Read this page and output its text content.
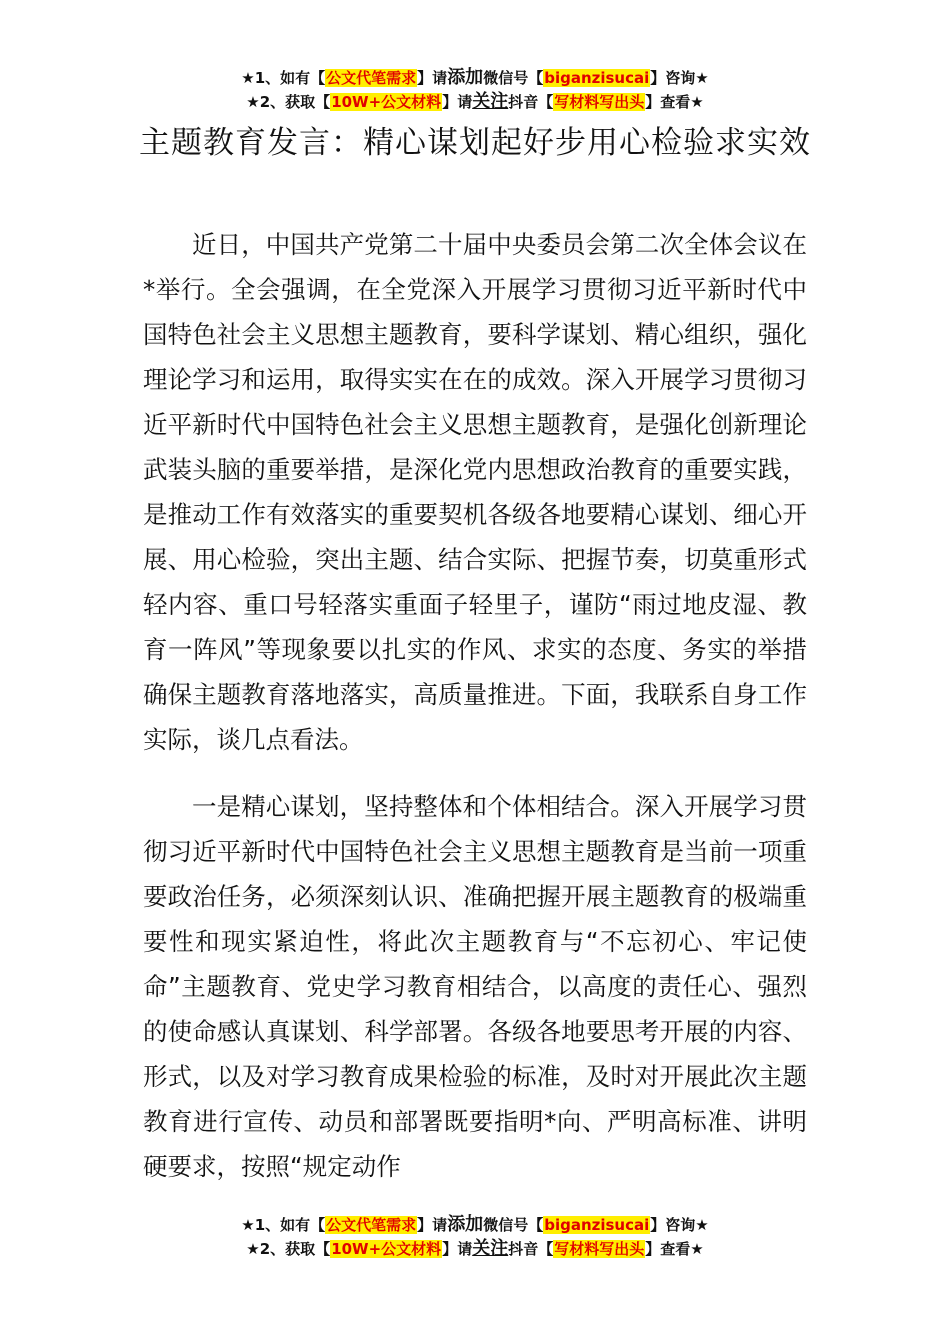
★1、如有【公文代笔需求】请添加微信号【biganzisucai】咨询★
★2、获取【10W+公文材料】请关注抖音【写材料写出头】查看★
主题教育发言：精心谋划起好步用心检验求实效

近日，中国共产党第二十届中央委员会第二次全体会议在*举行。全会强调，在全党深入开展学习贯彻习近平新时代中国特色社会主义思想主题教育，要科学谋划、精心组织，强化理论学习和运用，取得实实在在的成效。深入开展学习贯彻习近平新时代中国特色社会主义思想主题教育，是强化创新理论武装头脑的重要举措，是深化党内思想政治教育的重要实践，是推动工作有效落实的重要契机各级各地要精心谋划、细心开展、用心检验，突出主题、结合实际、把握节奏，切莫重形式轻内容、重口号轻落实重面子轻里子，谨防“雨过地皮湿、教育一阵风”等现象要以扎实的作风、求实的态度、务实的举措确保主题教育落地落实，高质量推进。下面，我联系自身工作实际，谈几点看法。

一是精心谋划，坚持整体和个体相结合。深入开展学习贯彻习近平新时代中国特色社会主义思想主题教育是当前一项重要政治任务，必须深刻认识、准确把握开展主题教育的极端重要性和现实紧迫性，将此次主题教育与“不忘初心、牢记使命”主题教育、党史学习教育相结合，以高度的责任心、强烈的使命感认真谋划、科学部署。各级各地要思考开展的内容、形式，以及对学习教育成果检验的标准，及时对开展此次主题教育进行宣传、动员和部署既要指明*向、严明高标准、讲明硬要求，按照“规定动作

★1、如有【公文代笔需求】请添加微信号【biganzisucai】咨询★
★2、获取【10W+公文材料】请关注抖音【写材料写出头】查看★
